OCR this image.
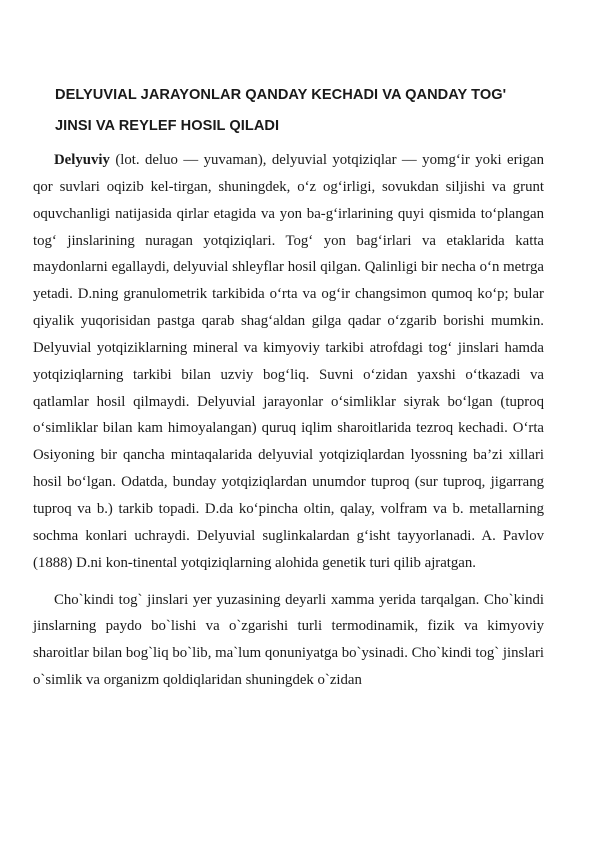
DELYUVIAL JARAYONLAR QANDAY KECHADI VA QANDAY TOG' JINSI VA REYLEF HOSIL QILADI

Delyuviy (lot. deluo — yuvaman), delyuvial yotqiziqlar — yomg‘ir yoki erigan qor suvlari oqizib kel-tirgan, shuningdek, o‘z og‘irligi, sovukdan siljishi va grunt oquvchanligi natijasida qirlar etagida va yon ba-g‘irlarining quyi qismida to‘plangan tog‘ jinslarining nuragan yotqiziqlari. Tog‘ yon bag‘irlari va etaklarida katta maydonlarni egallaydi, delyuvial shleyflar hosil qilgan. Qalinligi bir necha o‘n metrga yetadi. D.ning granulometrik tarkibida o‘rta va og‘ir changsimon qumoq ko‘p; bular qiyalik yuqorisidan pastga qarab shag‘aldan gilga qadar o‘zgarib borishi mumkin. Delyuvial yotqiziklarning mineral va kimyoviy tarkibi atrofdagi tog‘ jinslari hamda yotqiziqlarning tarkibi bilan uzviy bog‘liq. Suvni o‘zidan yaxshi o‘tkazadi va qatlamlar hosil qilmaydi. Delyuvial jarayonlar o‘simliklar siyrak bo‘lgan (tuproq o‘simliklar bilan kam himoyalangan) quruq iqlim sharoitlarida tezroq kechadi. O‘rta Osiyoning bir qancha mintaqalarida delyuvial yotqiziqlardan lyossning ba’zi xillari hosil bo‘lgan. Odatda, bunday yotqiziqlardan unumdor tuproq (sur tuproq, jigarrang tuproq va b.) tarkib topadi. D.da ko‘pincha oltin, qalay, volfram va b. metallarning sochma konlari uchraydi. Delyuvial suglinkalardan g‘isht tayyorlanadi. A. Pavlov (1888) D.ni kon-tinental yotqiziqlarning alohida genetik turi qilib ajratgan.

Cho`kindi tog` jinslari yer yuzasining deyarli xamma yerida tarqalgan. Cho`kindi jinslarning paydo bo`lishi va o`zgarishi turli termodinamik, fizik va kimyoviy sharoitlar bilan bog`liq bo`lib, ma`lum qonuniyatga bo`ysinadi. Cho`kindi tog` jinslari o`simlik va organizm qoldiqlaridan shuningdek o`zidan
